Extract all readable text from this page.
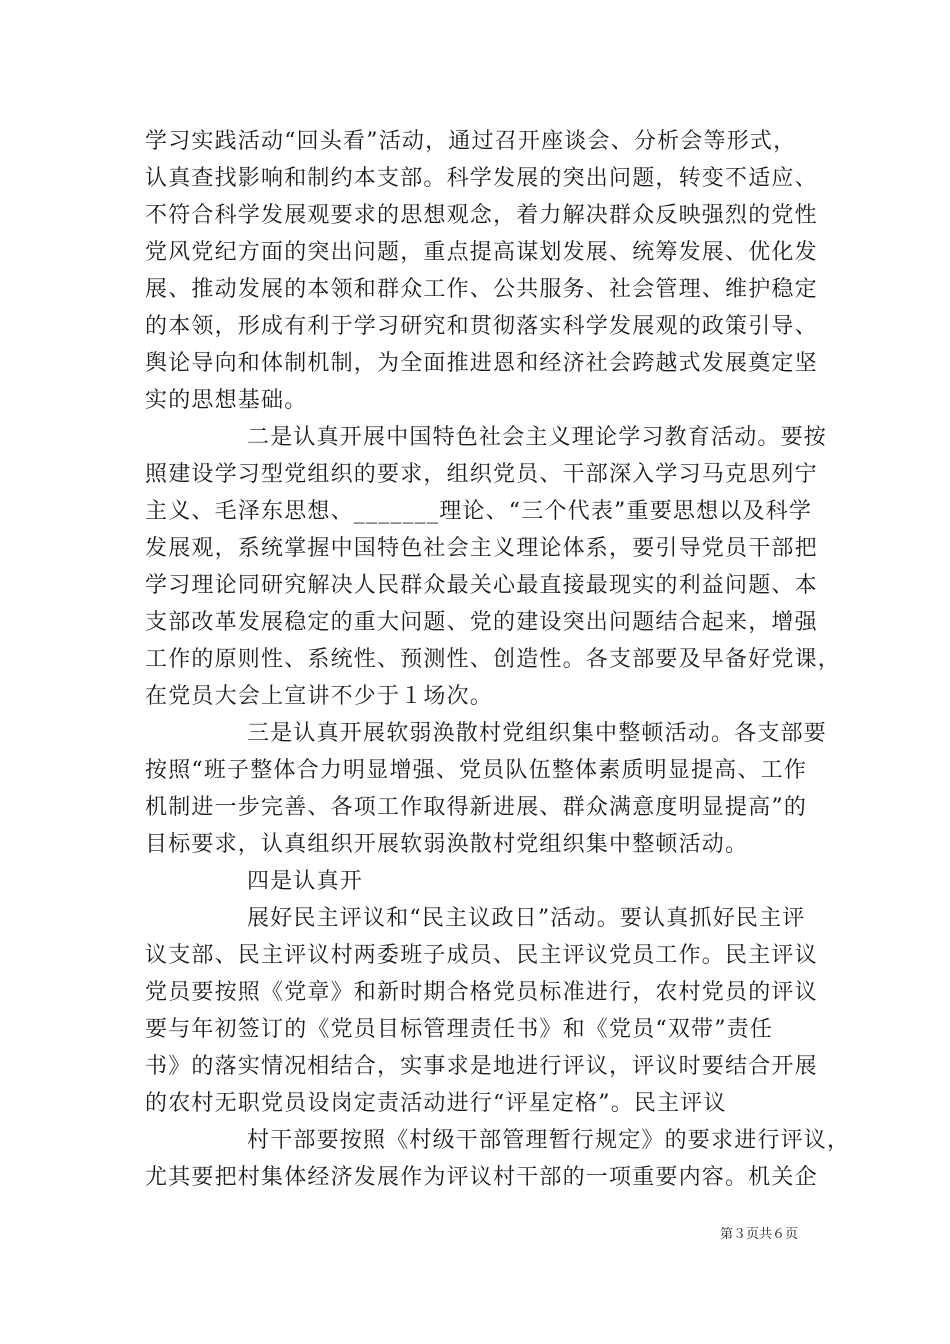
学习实践活动“回头看”活动，通过召开座谈会、分析会等形式，
认真查找影响和制约本支部。科学发展的突出问题，转变不适应、
不符合科学发展观要求的思想观念，着力解决群众反映强烈的党性
党风党纪方面的突出问题，重点提高谋划发展、统筹发展、优化发
展、推动发展的本领和群众工作、公共服务、社会管理、维护稳定
的本领，形成有利于学习研究和贯彻落实科学发展观的政策引导、
舆论导向和体制机制，为全面推进恩和经济社会跨越式发展奠定坚
实的思想基础。
二是认真开展中国特色社会主义理论学习教育活动。要按
照建设学习型党组织的要求，组织党员、干部深入学习马克思列宁
主义、毛泽东思想、_______理论、“三个代表”重要思想以及科学
发展观，系统掌握中国特色社会主义理论体系，要引导党员干部把
学习理论同研究解决人民群众最关心最直接最现实的利益问题、本
支部改革发展稳定的重大问题、党的建设突出问题结合起来，增强
工作的原则性、系统性、预测性、创造性。各支部要及早备好党课，
在党员大会上宣讲不少于１场次。
三是认真开展软弱涣散村党组织集中整顿活动。各支部要
按照“班子整体合力明显增强、党员队伍整体素质明显提高、工作
机制进一步完善、各项工作取得新进展、群众满意度明显提高”的
目标要求，认真组织开展软弱涣散村党组织集中整顿活动。
四是认真开
展好民主评议和“民主议政日”活动。要认真抓好民主评
议支部、民主评议村两委班子成员、民主评议党员工作。民主评议
党员要按照《党章》和新时期合格党员标准进行，农村党员的评议
要与年初签订的《党员目标管理责任书》和《党员“双带”责任
书》的落实情况相结合，实事求是地进行评议，评议时要结合开展
的农村无职党员设岗定责活动进行“评星定格”。民主评议
村干部要按照《村级干部管理暂行规定》的要求进行评议，
尤其要把村集体经济发展作为评议村干部的一项重要内容。机关企
第３页共６页
